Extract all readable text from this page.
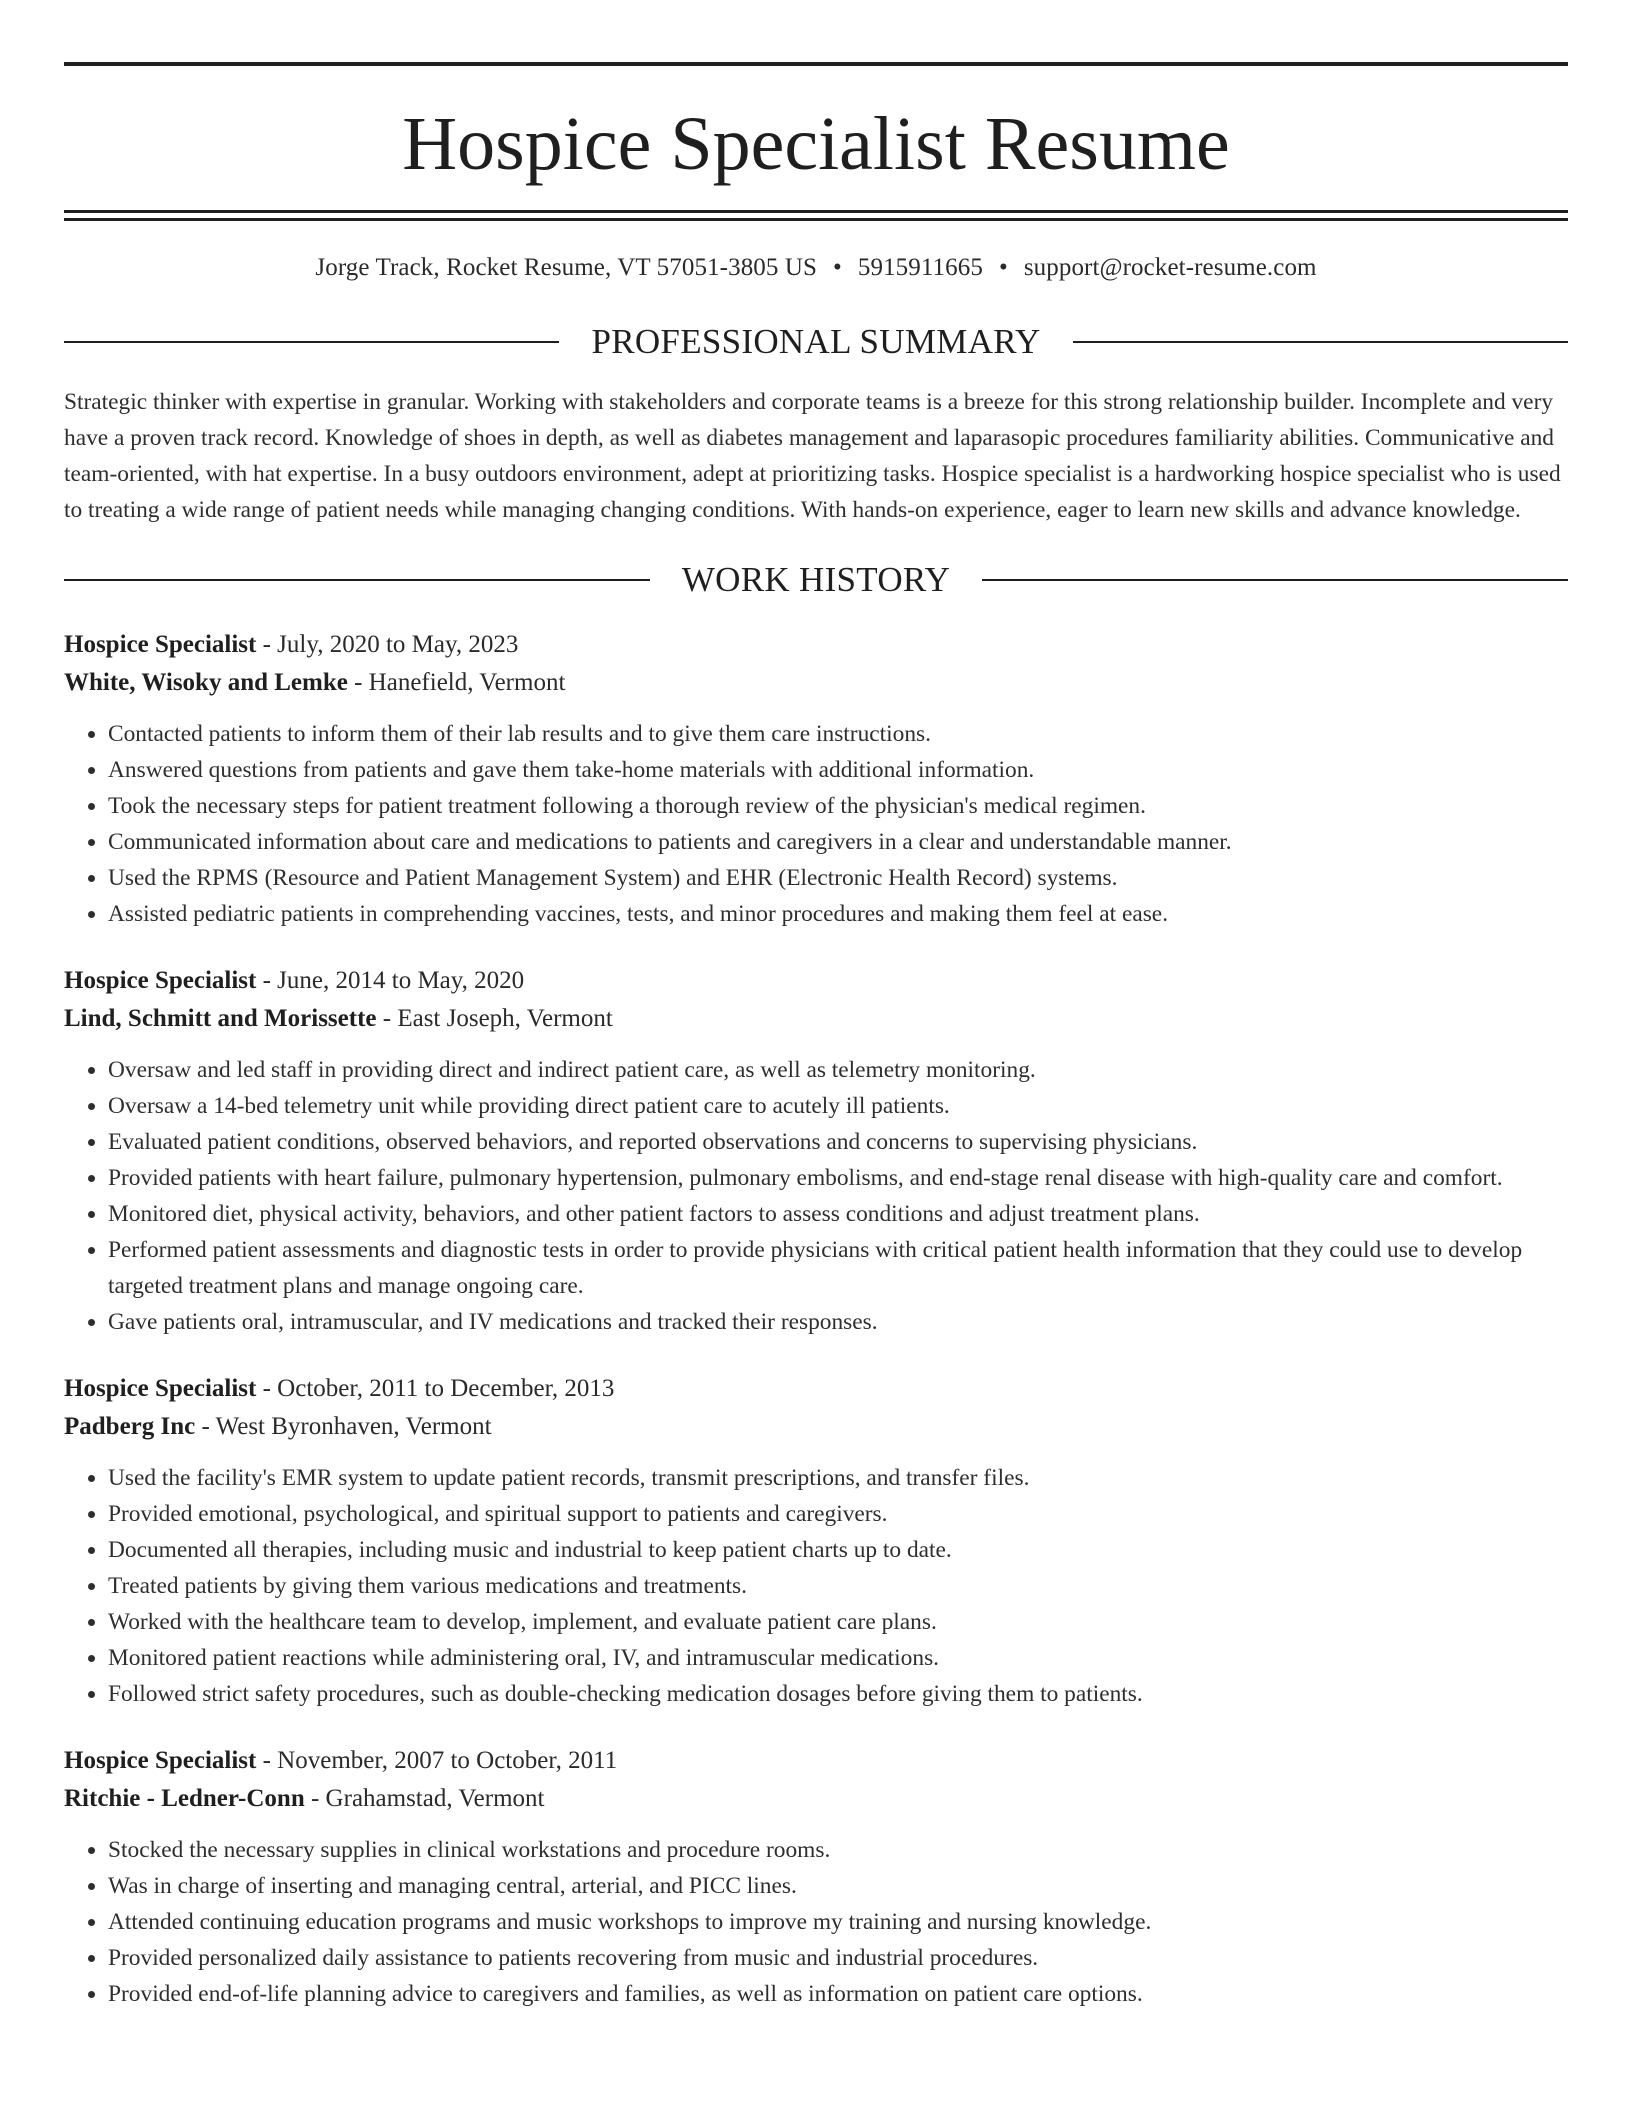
Hospice Specialist Resume
Jorge Track, Rocket Resume, VT 57051-3805 US • 5915911665 • support@rocket-resume.com
PROFESSIONAL SUMMARY
Strategic thinker with expertise in granular. Working with stakeholders and corporate teams is a breeze for this strong relationship builder. Incomplete and very have a proven track record. Knowledge of shoes in depth, as well as diabetes management and laparasopic procedures familiarity abilities. Communicative and team-oriented, with hat expertise. In a busy outdoors environment, adept at prioritizing tasks. Hospice specialist is a hardworking hospice specialist who is used to treating a wide range of patient needs while managing changing conditions. With hands-on experience, eager to learn new skills and advance knowledge.
WORK HISTORY
Hospice Specialist - July, 2020 to May, 2023
White, Wisoky and Lemke - Hanefield, Vermont
• Contacted patients to inform them of their lab results and to give them care instructions.
• Answered questions from patients and gave them take-home materials with additional information.
• Took the necessary steps for patient treatment following a thorough review of the physician's medical regimen.
• Communicated information about care and medications to patients and caregivers in a clear and understandable manner.
• Used the RPMS (Resource and Patient Management System) and EHR (Electronic Health Record) systems.
• Assisted pediatric patients in comprehending vaccines, tests, and minor procedures and making them feel at ease.
Hospice Specialist - June, 2014 to May, 2020
Lind, Schmitt and Morissette - East Joseph, Vermont
• Oversaw and led staff in providing direct and indirect patient care, as well as telemetry monitoring.
• Oversaw a 14-bed telemetry unit while providing direct patient care to acutely ill patients.
• Evaluated patient conditions, observed behaviors, and reported observations and concerns to supervising physicians.
• Provided patients with heart failure, pulmonary hypertension, pulmonary embolisms, and end-stage renal disease with high-quality care and comfort.
• Monitored diet, physical activity, behaviors, and other patient factors to assess conditions and adjust treatment plans.
• Performed patient assessments and diagnostic tests in order to provide physicians with critical patient health information that they could use to develop targeted treatment plans and manage ongoing care.
• Gave patients oral, intramuscular, and IV medications and tracked their responses.
Hospice Specialist - October, 2011 to December, 2013
Padberg Inc - West Byronhaven, Vermont
• Used the facility's EMR system to update patient records, transmit prescriptions, and transfer files.
• Provided emotional, psychological, and spiritual support to patients and caregivers.
• Documented all therapies, including music and industrial to keep patient charts up to date.
• Treated patients by giving them various medications and treatments.
• Worked with the healthcare team to develop, implement, and evaluate patient care plans.
• Monitored patient reactions while administering oral, IV, and intramuscular medications.
• Followed strict safety procedures, such as double-checking medication dosages before giving them to patients.
Hospice Specialist - November, 2007 to October, 2011
Ritchie - Ledner-Conn - Grahamstad, Vermont
• Stocked the necessary supplies in clinical workstations and procedure rooms.
• Was in charge of inserting and managing central, arterial, and PICC lines.
• Attended continuing education programs and music workshops to improve my training and nursing knowledge.
• Provided personalized daily assistance to patients recovering from music and industrial procedures.
• Provided end-of-life planning advice to caregivers and families, as well as information on patient care options.
